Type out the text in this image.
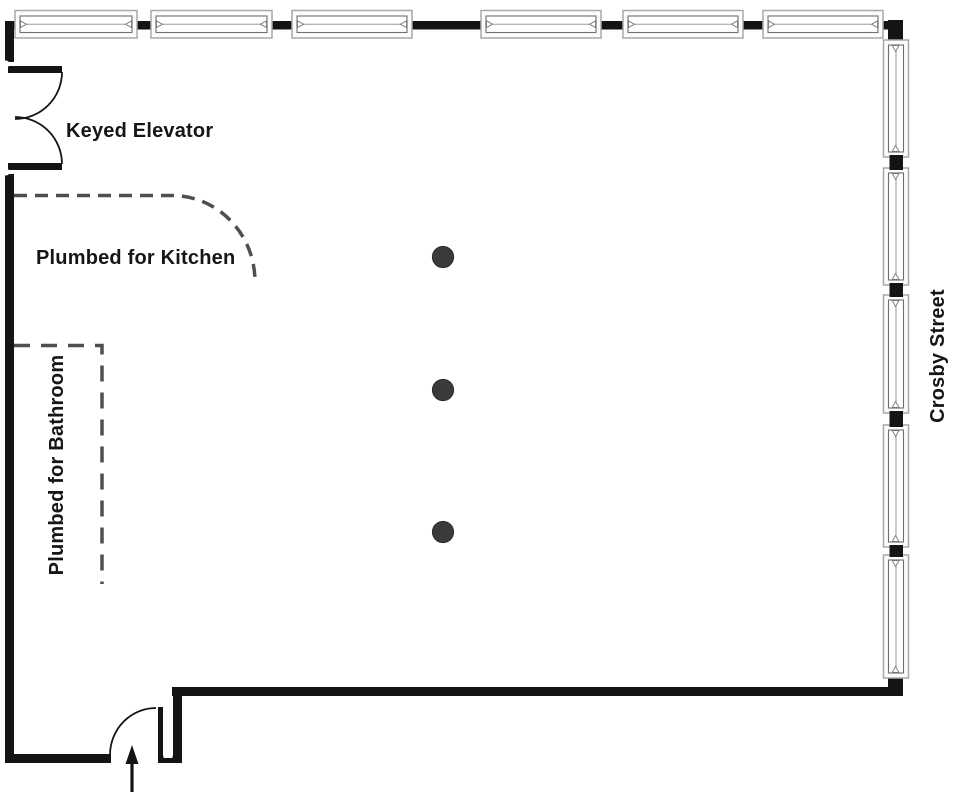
Keyed Elevator
Plumbed for Kitchen
Plumbed for Bathroom	Crosby Street
